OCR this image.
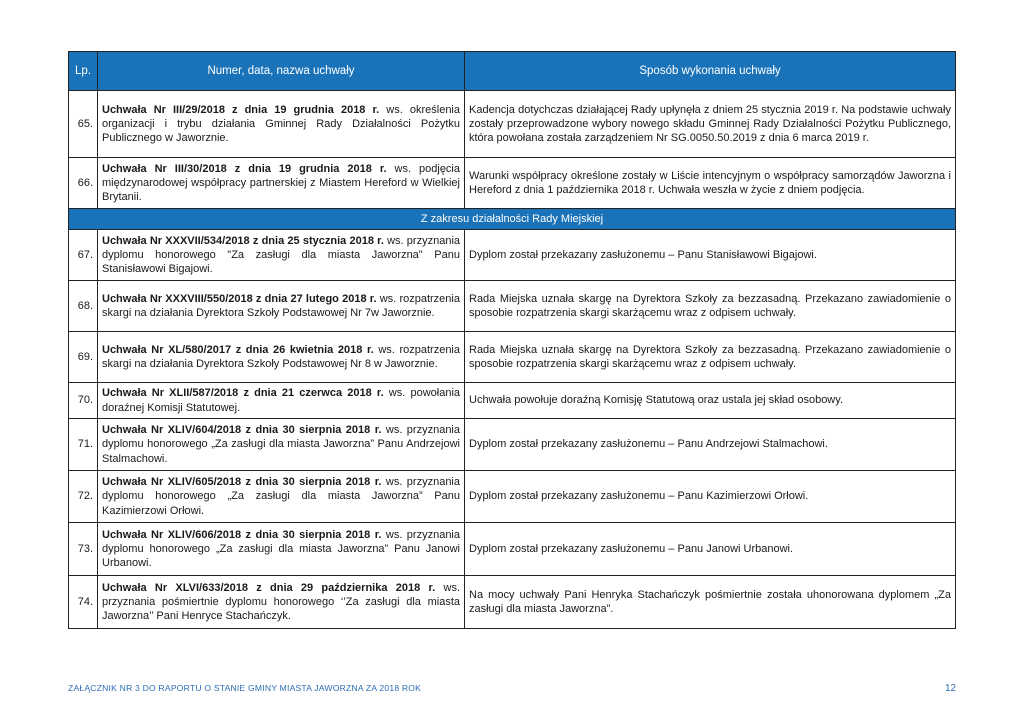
Lp.	Numer, data, nazwa uchwały	Sposób wykonania uchwały
65.	Uchwała Nr III/29/2018 z dnia 19 grudnia 2018 r. ws. określenia organizacji i trybu działania Gminnej Rady Działalności Pożytku Publicznego w Jaworznie.	Kadencja dotychczas działającej Rady upłynęła z dniem 25 stycznia 2019 r. Na podstawie uchwały zostały przeprowadzone wybory nowego składu Gminnej Rady Działalności Pożytku Publicznego, która powołana została zarządzeniem Nr SG.0050.50.2019 z dnia 6 marca 2019 r.
66.	Uchwała Nr III/30/2018 z dnia 19 grudnia 2018 r. ws. podjęcia międzynarodowej współpracy partnerskiej z Miastem Hereford w Wielkiej Brytanii.	Warunki współpracy określone zostały w Liście intencyjnym o współpracy samorządów Jaworzna i Hereford z dnia 1 października 2018 r. Uchwała weszła w życie z dniem podjęcia.
Z zakresu działalności Rady Miejskiej		
67.	Uchwała Nr XXXVII/534/2018 z dnia 25 stycznia 2018 r. ws. przyznania dyplomu honorowego "Za zasługi dla miasta Jaworzna" Panu Stanisławowi Bigajowi.	Dyplom został przekazany zasłużonemu – Panu Stanisławowi Bigajowi.
68.	Uchwała Nr XXXVIII/550/2018 z dnia 27 lutego 2018 r. ws. rozpatrzenia skargi na działania Dyrektora Szkoły Podstawowej Nr 7w Jaworznie.	Rada Miejska uznała skargę na Dyrektora Szkoły za bezzasadną. Przekazano zawiadomienie o sposobie rozpatrzenia skargi skarżącemu wraz z odpisem uchwały.
69.	Uchwała Nr XL/580/2017 z dnia 26 kwietnia 2018 r. ws. rozpatrzenia skargi na działania Dyrektora Szkoły Podstawowej Nr 8 w Jaworznie.	Rada Miejska uznała skargę na Dyrektora Szkoły za bezzasadną. Przekazano zawiadomienie o sposobie rozpatrzenia skargi skarżącemu wraz z odpisem uchwały.
70.	Uchwała Nr XLII/587/2018 z dnia 21 czerwca 2018 r. ws. powołania doraźnej Komisji Statutowej.	Uchwała powołuje doraźną Komisję Statutową oraz ustala jej skład osobowy.
71.	Uchwała Nr XLIV/604/2018 z dnia 30 sierpnia 2018 r. ws. przyznania dyplomu honorowego „Za zasługi dla miasta Jaworzna” Panu Andrzejowi Stalmachowi.	Dyplom został przekazany zasłużonemu – Panu Andrzejowi Stalmachowi.
72.	Uchwała Nr XLIV/605/2018 z dnia 30 sierpnia 2018 r. ws. przyznania dyplomu honorowego „Za zasługi dla miasta Jaworzna” Panu Kazimierzowi Orłowi.	Dyplom został przekazany zasłużonemu – Panu Kazimierzowi Orłowi.
73.	Uchwała Nr XLIV/606/2018 z dnia 30 sierpnia 2018 r. ws. przyznania dyplomu honorowego „Za zasługi dla miasta Jaworzna” Panu Janowi Urbanowi.	Dyplom został przekazany zasłużonemu – Panu Janowi Urbanowi.
74.	Uchwała Nr XLVI/633/2018 z dnia 29 października 2018 r. ws. przyznania pośmiertnie dyplomu honorowego ‘’Za zasługi dla miasta Jaworzna’’ Pani Henryce Stachańczyk.	Na mocy uchwały Pani Henryka Stachańczyk pośmiertnie została uhonorowana dyplomem „Za zasługi dla miasta Jaworzna”.
ZAŁĄCZNIK NR 3 DO RAPORTU O STANIE GMINY MIASTA JAWORZNA ZA 2018 ROK	12
